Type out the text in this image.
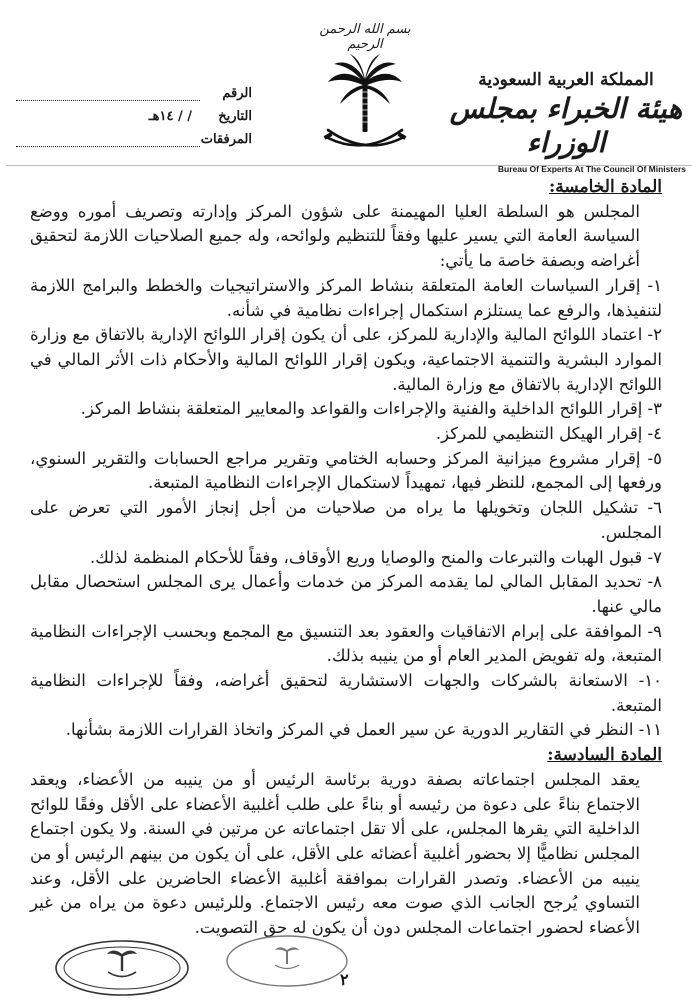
الرقم
التاريخ
/ / ١٤هـ
المرفقات
بسم الله الرحمن الرحيم
المملكة العربية السعودية
هيئة الخبراء بمجلس الوزراء
Bureau Of Experts At The Council Of Ministers
المادة الخامسة:

المجلس هو السلطة العليا المهيمنة على شؤون المركز وإدارته وتصريف أموره ووضع السياسة العامة التي يسير عليها وفقاً للتنظيم ولوائحه، وله جميع الصلاحيات اللازمة لتحقيق أغراضه وبصفة خاصة ما يأتي:

١- إقرار السياسات العامة المتعلقة بنشاط المركز والاستراتيجيات والخطط والبرامج اللازمة لتنفيذها، والرفع عما يستلزم استكمال إجراءات نظامية في شأنه.

٢- اعتماد اللوائح المالية والإدارية للمركز، على أن يكون إقرار اللوائح الإدارية بالاتفاق مع وزارة الموارد البشرية والتنمية الاجتماعية، ويكون إقرار اللوائح المالية والأحكام ذات الأثر المالي في اللوائح الإدارية بالاتفاق مع وزارة المالية.

٣- إقرار اللوائح الداخلية والفنية والإجراءات والقواعد والمعايير المتعلقة بنشاط المركز.

٤- إقرار الهيكل التنظيمي للمركز.

٥- إقرار مشروع ميزانية المركز وحسابه الختامي وتقرير مراجع الحسابات والتقرير السنوي، ورفعها إلى المجمع، للنظر فيها، تمهيداً لاستكمال الإجراءات النظامية المتبعة.

٦- تشكيل اللجان وتخويلها ما يراه من صلاحيات من أجل إنجاز الأمور التي تعرض على المجلس.

٧- قبول الهبات والتبرعات والمنح والوصايا وريع الأوقاف، وفقاً للأحكام المنظمة لذلك.

٨- تحديد المقابل المالي لما يقدمه المركز من خدمات وأعمال يرى المجلس استحصال مقابل مالي عنها.

٩- الموافقة على إبرام الاتفاقيات والعقود بعد التنسيق مع المجمع وبحسب الإجراءات النظامية المتبعة، وله تفويض المدير العام أو من ينيبه بذلك.

١٠- الاستعانة بالشركات والجهات الاستشارية لتحقيق أغراضه، وفقاً للإجراءات النظامية المتبعة.

١١- النظر في التقارير الدورية عن سير العمل في المركز واتخاذ القرارات اللازمة بشأنها.

المادة السادسة:

يعقد المجلس اجتماعاته بصفة دورية برئاسة الرئيس أو من ينيبه من الأعضاء، ويعقد الاجتماع بناءً على دعوة من رئيسه أو بناءً على طلب أغلبية الأعضاء على الأقل وفقًا للوائح الداخلية التي يقرها المجلس، على ألا تقل اجتماعاته عن مرتين في السنة. ولا يكون اجتماع المجلس نظاميًّا إلا بحضور أغلبية أعضائه على الأقل، على أن يكون من بينهم الرئيس أو من ينيبه من الأعضاء. وتصدر القرارات بموافقة أغلبية الأعضاء الحاضرين على الأقل، وعند التساوي يُرجح الجانب الذي صوت معه رئيس الاجتماع. وللرئيس دعوة من يراه من غير الأعضاء لحضور اجتماعات المجلس دون أن يكون له حق التصويت.

٢
